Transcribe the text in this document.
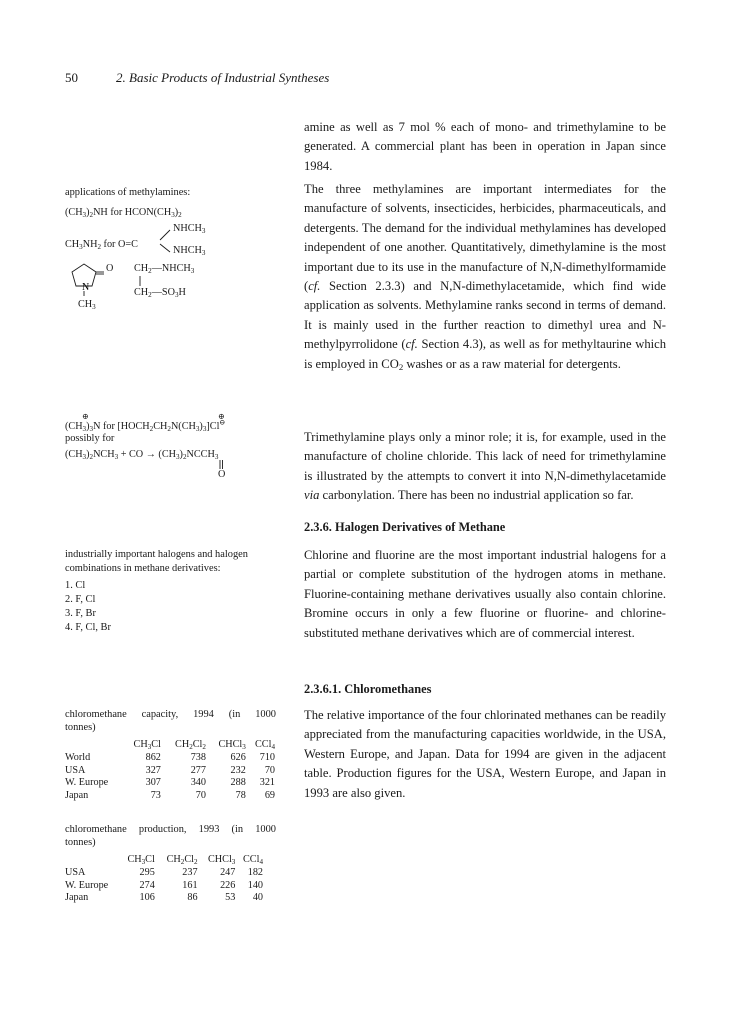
50	2. Basic Products of Industrial Syntheses

amine as well as 7 mol % each of mono- and trimethylamine to be generated. A commercial plant has been in operation in Japan since 1984.

The three methylamines are important intermediates for the manufacture of solvents, insecticides, herbicides, pharmaceuticals, and detergents. The demand for the individual methylamines has developed independent of one another. Quantitatively, dimethylamine is the most important due to its use in the manufacture of N,N-dimethylformamide (cf. Section 2.3.3) and N,N-dimethylacetamide, which find wide application as solvents. Methylamine ranks second in terms of demand. It is mainly used in the further reaction to dimethyl urea and N-methylpyrrolidone (cf. Section 4.3), as well as for methyltaurine which is employed in $CO_2$ washes or as a raw material for detergents.

Trimethylamine plays only a minor role; it is, for example, used in the manufacture of choline chloride. This lack of need for trimethylamine is illustrated by the attempts to convert it into N,N-dimethylacetamide via carbonylation. There has been no industrial application so far.

2.3.6. Halogen Derivatives of Methane

Chlorine and fluorine are the most important industrial halogens for a partial or complete substitution of the hydrogen atoms in methane. Fluorine-containing methane derivatives usually also contain chlorine. Bromine occurs in only a few fluorine or fluorine- and chlorine-substituted methane derivatives which are of commercial interest.

2.3.6.1. Chloromethanes

The relative importance of the four chlorinated methanes can be readily appreciated from the manufacturing capacities worldwide, in the USA, Western Europe, and Japan. Data for 1994 are given in the adjacent table. Production figures for the USA, Western Europe, and Japan in 1993 are also given.

applications of methylamines:
$(CH_3)_2NH$ for $HCON(CH_3)_2$
$CH_3NH_2$ for O=C
$NHCH_3$
$NHCH_3$
N
O
$CH_3$
$CH_2—NHCH_3$
$CH_2—SO_3H$
⊕	⊕
$(CH_3)_3N$ for $[HOCH_2CH_2N(CH_3)_3]Cl^⊖$
possibly for
$(CH_3)_2NCH_3$ + CO → $(CH_3)_2NCCH_3$
O
industrially important halogens and halogen combinations in methane derivatives:
1. Cl
2. F, Cl
3. F, Br
4. F, Cl, Br
chloromethane capacity, 1994 (in 1000
tonnes)
	$CH_3Cl$	$CH_2Cl_2$	CHCl$_3$	CCl$_4$
World	862	738	626	710
USA	327	277	232	70
W. Europe	307	340	288	321
Japan	73	70	78	69
chloromethane production, 1993 (in 1000
tonnes)
	$CH_3Cl$	$CH_2Cl_2$	CHCl$_3$	CCl$_4$
USA	295	237	247	182
W. Europe	274	161	226	140
Japan	106	86	53	40
